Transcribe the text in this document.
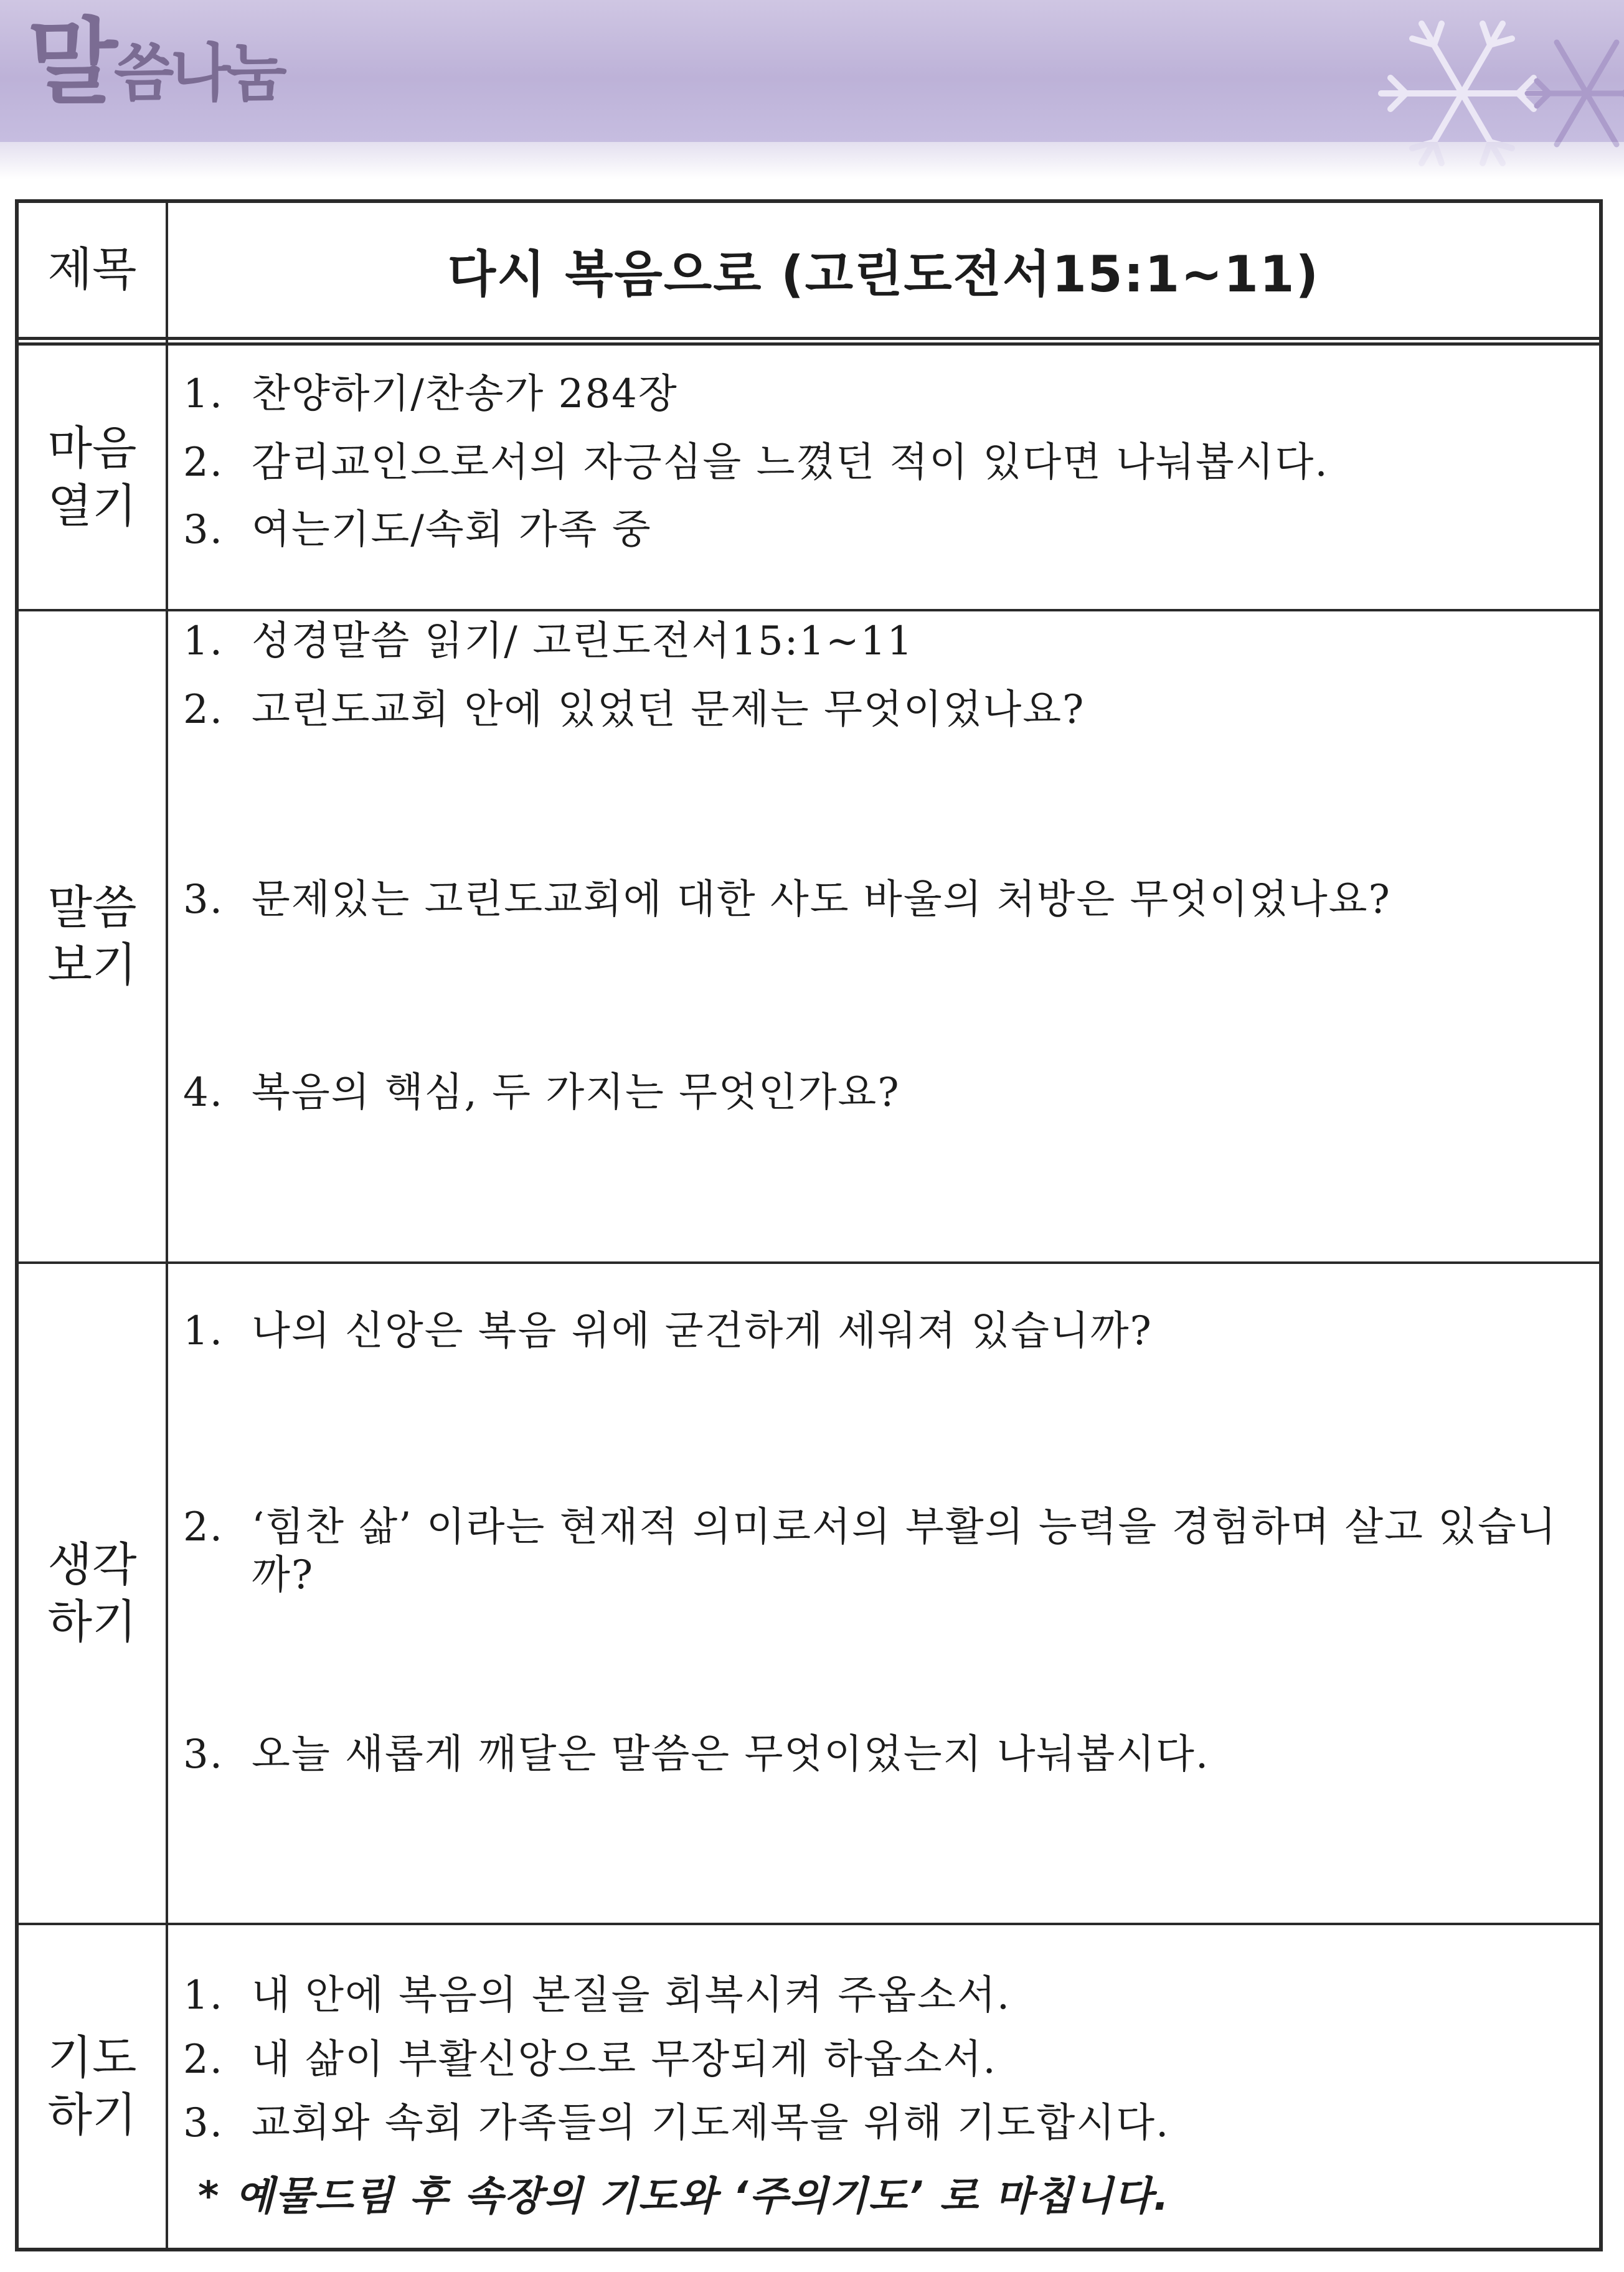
말씀나눔
제목	다시 복음으로 (고린도전서15:1~11)
마음
열기
1. 찬양하기/찬송가 284장
2. 감리교인으로서의 자긍심을 느꼈던 적이 있다면 나눠봅시다.
3. 여는기도/속회 가족 중
말씀
보기
1. 성경말씀 읽기/ 고린도전서15:1~11
2. 고린도교회 안에 있었던 문제는 무엇이었나요?
3. 문제있는 고린도교회에 대한 사도 바울의 처방은 무엇이었나요?
4. 복음의 핵심, 두 가지는 무엇인가요?
생각
하기
1. 나의 신앙은 복음 위에 굳건하게 세워져 있습니까?
2. ‘힘찬 삶’ 이라는 현재적 의미로서의 부활의 능력을 경험하며 살고 있습니까?
3. 오늘 새롭게 깨달은 말씀은 무엇이었는지 나눠봅시다.
기도
하기
1. 내 안에 복음의 본질을 회복시켜 주옵소서.
2. 내 삶이 부활신앙으로 무장되게 하옵소서.
3. 교회와 속회 가족들의 기도제목을 위해 기도합시다.
* 예물드림 후 속장의 기도와 ‘주의기도’ 로 마칩니다.
